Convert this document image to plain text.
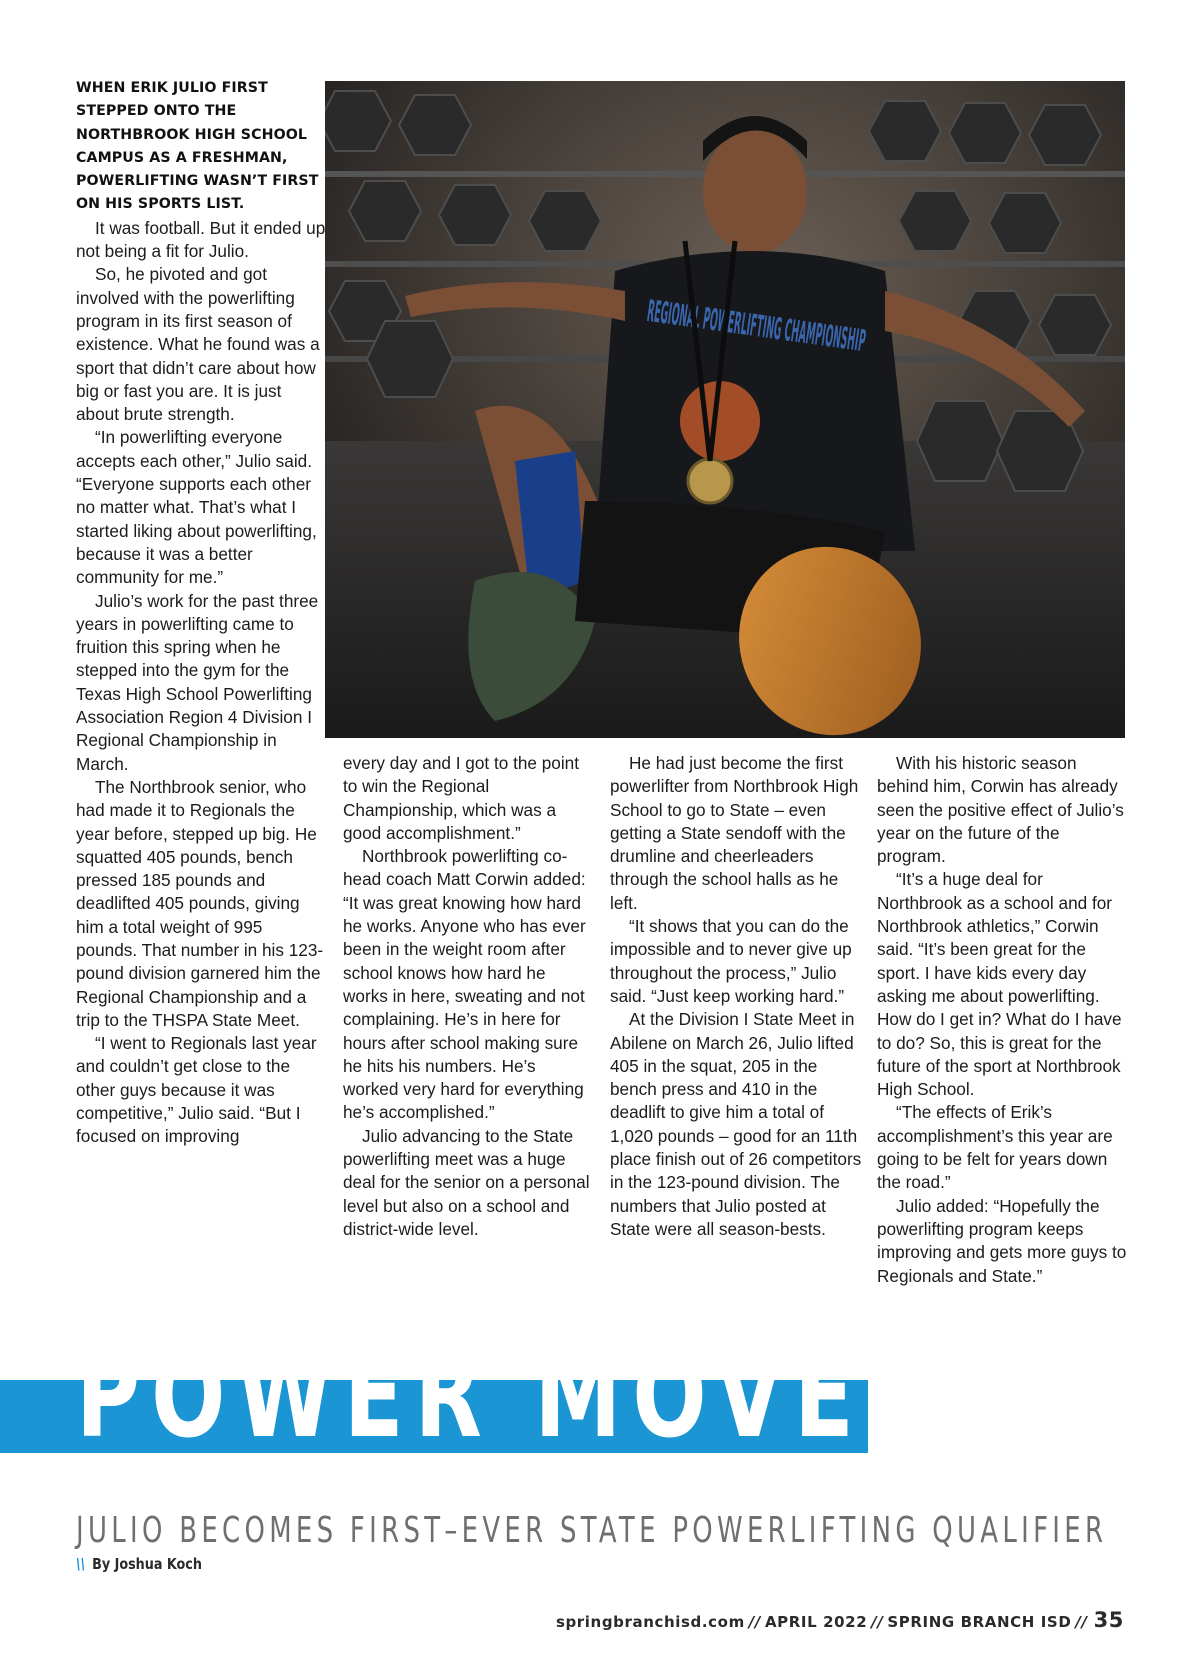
WHEN ERIK JULIO FIRST STEPPED ONTO THE NORTHBROOK HIGH SCHOOL CAMPUS AS A FRESHMAN, POWERLIFTING WASN’T FIRST ON HIS SPORTS LIST.

It was football. But it ended up not being a fit for Julio.

So, he pivoted and got involved with the powerlifting program in its first season of existence. What he found was a sport that didn’t care about how big or fast you are. It is just about brute strength.

“In powerlifting everyone accepts each other,” Julio said. “Everyone supports each other no matter what. That’s what I started liking about powerlifting, because it was a better community for me.”

Julio’s work for the past three years in powerlifting came to fruition this spring when he stepped into the gym for the Texas High School Powerlifting Association Region 4 Division I Regional Championship in March.

The Northbrook senior, who had made it to Regionals the year before, stepped up big. He squatted 405 pounds, bench pressed 185 pounds and deadlifted 405 pounds, giving him a total weight of 995 pounds. That number in his 123-pound division garnered him the Regional Championship and a trip to the THSPA State Meet.

“I went to Regionals last year and couldn’t get close to the other guys because it was competitive,” Julio said. “But I focused on improving

every day and I got to the point to win the Regional Championship, which was a good accomplishment.”

Northbrook powerlifting co-head coach Matt Corwin added: “It was great knowing how hard he works. Anyone who has ever been in the weight room after school knows how hard he works in here, sweating and not complaining. He’s in here for hours after school making sure he hits his numbers. He’s worked very hard for everything he’s accomplished.”

Julio advancing to the State powerlifting meet was a huge deal for the senior on a personal level but also on a school and district-wide level.

He had just become the first powerlifter from Northbrook High School to go to State – even getting a State sendoff with the drumline and cheerleaders through the school halls as he left.

“It shows that you can do the impossible and to never give up throughout the process,” Julio said. “Just keep working hard.”

At the Division I State Meet in Abilene on March 26, Julio lifted 405 in the squat, 205 in the bench press and 410 in the deadlift to give him a total of 1,020 pounds – good for an 11th place finish out of 26 competitors in the 123-pound division. The numbers that Julio posted at State were all season-bests.

With his historic season behind him, Corwin has already seen the positive effect of Julio’s year on the future of the program.

“It’s a huge deal for Northbrook as a school and for Northbrook athletics,” Corwin said. “It’s been great for the sport. I have kids every day asking me about powerlifting. How do I get in? What do I have to do? So, this is great for the future of the sport at Northbrook High School.

“The effects of Erik’s accomplishment’s this year are going to be felt for years down the road.”

Julio added: “Hopefully the powerlifting program keeps improving and gets more guys to Regionals and State.”

POWER MOVE
JULIO BECOMES FIRST–EVER STATE POWERLIFTING QUALIFIER
\\ By Joshua Koch
springbranchisd.com // APRIL 2022 // SPRING BRANCH ISD // 35
